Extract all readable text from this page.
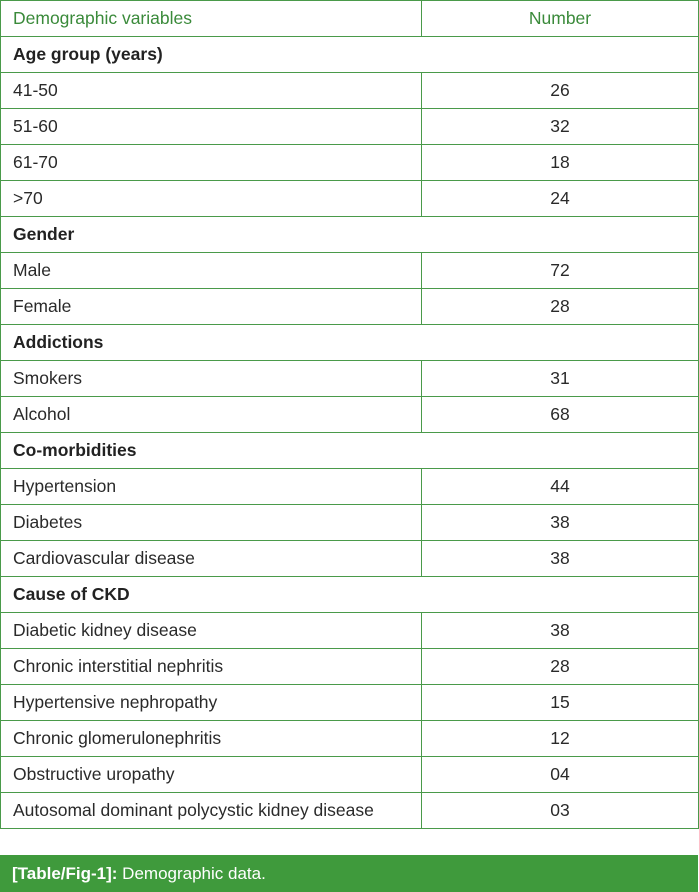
Demographic variables	Number
Age group (years)	
41-50	26
51-60	32
61-70	18
>70	24
Gender	
Male	72
Female	28
Addictions	
Smokers	31
Alcohol	68
Co-morbidities	
Hypertension	44
Diabetes	38
Cardiovascular disease	38
Cause of CKD	
Diabetic kidney disease	38
Chronic interstitial nephritis	28
Hypertensive nephropathy	15
Chronic glomerulonephritis	12
Obstructive uropathy	04
Autosomal dominant polycystic kidney disease	03
[Table/Fig-1]: Demographic data.
